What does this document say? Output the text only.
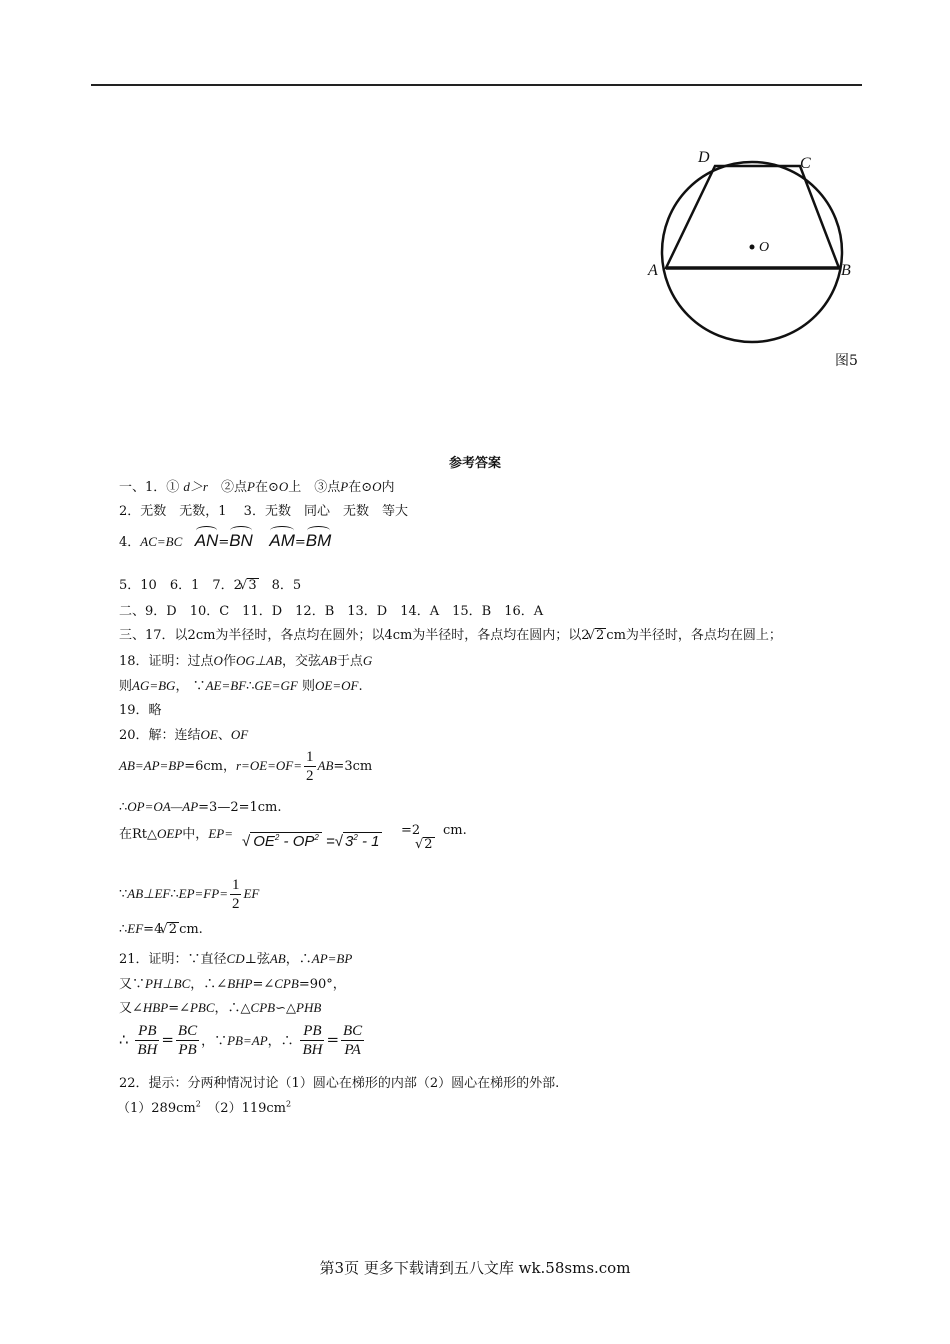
D	C
A	B
O
图5
参考答案
一、1．① d＞r　 ②点P在⊙O上　③点P在⊙O内
2．无数　无数，1　 3．无数　同心　无数　等大
4．AC=BC AN=BN AM=BM
5．10　6．1　7．2 √ 3　8．5
二、9．D　10．C　11．D　12．B　13．D　14．A　15．B　16．A
三、17．以2cm为半径时，各点均在圆外；以4cm为半径时，各点均在圆内；以2 √ 2 cm为半径时，各点均在圆上；
18．证明：过点O作OG⊥AB，交弦AB于点G
则AG=BG， ∵AE=BF∴GE=GF 则OE=OF.
19．略
20．解：连结OE、OF
AB=AP=BP=6cm，$r=OE=OF= \frac{1}{2} AB=3cm$
∴OP=OA—AP=3—2=1cm.
在Rt△OEP中，EP= √ $OE^2 - OP^2$ =√ $3^2 - 1$
=2
√ 2
cm.
∵AB⊥EF∴EP=FP= $\frac{1}{2}$ EF
∴EF=4 √ 2 cm.
21．证明：∵直径CD⊥弦AB，∴AP=BP
又∵PH⊥BC，∴∠BHP=∠CPB=90°，
又∠HBP=∠PBC，∴△CPB∽△PHB
∴ $\frac{PB}{BH} = \frac{BC}{PB}$ ，∵PB=AP，∴ $\frac{PB}{BH} = \frac{BC}{PA}$
22．提示：分两种情况讨论（1）圆心在梯形的内部（2）圆心在梯形的外部.
$(1)289cm^2$　$(2)119cm^2$
第3页 更多下载请到五八文库 wk.58sms.com
